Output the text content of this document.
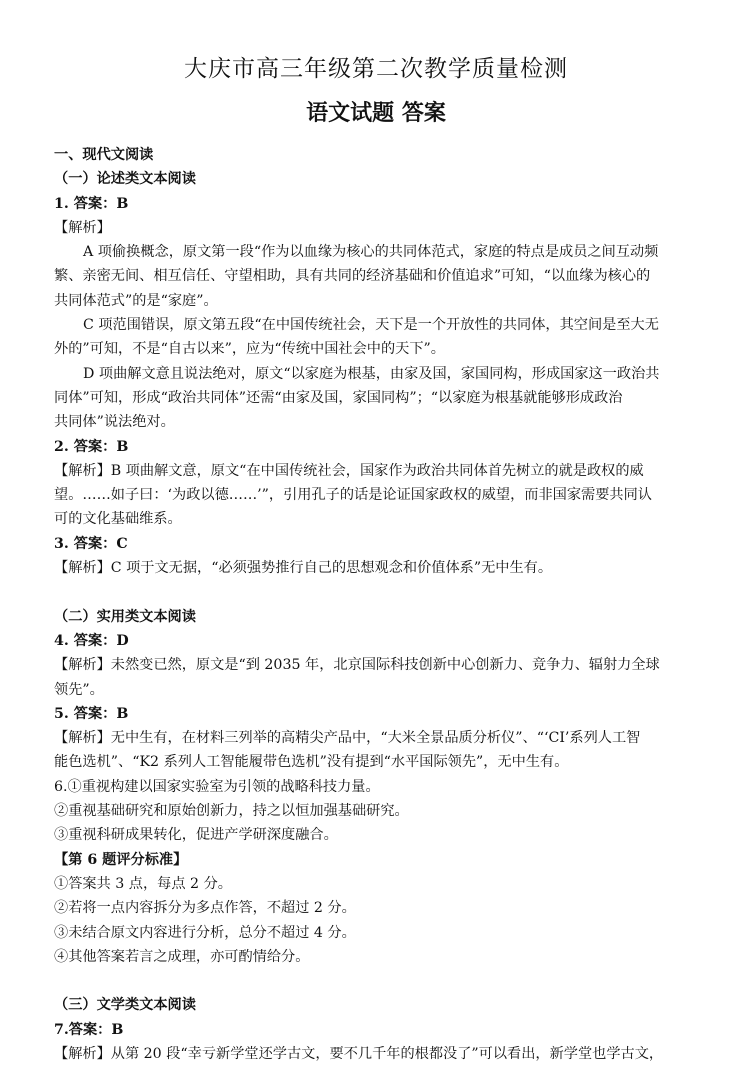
大庆市高三年级第二次教学质量检测
语文试题 答案
一、现代文阅读
（一）论述类文本阅读
1. 答案：B
【解析】
A 项偷换概念，原文第一段“作为以血缘为核心的共同体范式，家庭的特点是成员之间互动频
繁、亲密无间、相互信任、守望相助，具有共同的经济基础和价值追求”可知，“以血缘为核心的
共同体范式”的是“家庭”。
C 项范围错误，原文第五段“在中国传统社会，天下是一个开放性的共同体，其空间是至大无
外的”可知，不是“自古以来”，应为“传统中国社会中的天下”。
D 项曲解文意且说法绝对，原文“以家庭为根基，由家及国，家国同构，形成国家这一政治共
同体”可知，形成“政治共同体”还需“由家及国，家国同构”；“以家庭为根基就能够形成政治
共同体”说法绝对。
2. 答案：B
【解析】B 项曲解文意，原文“在中国传统社会，国家作为政治共同体首先树立的就是政权的威
望。……如子曰：‘为政以德……’”，引用孔子的话是论证国家政权的威望，而非国家需要共同认
可的文化基础维系。
3. 答案：C
【解析】C 项于文无据，“必须强势推行自己的思想观念和价值体系”无中生有。
（二）实用类文本阅读
4. 答案：D
【解析】未然变已然，原文是“到 2035 年，北京国际科技创新中心创新力、竞争力、辐射力全球
领先”。
5. 答案：B
【解析】无中生有，在材料三列举的高精尖产品中，“大米全景品质分析仪”、“‘CI’系列人工智
能色选机”、“K2 系列人工智能履带色选机”没有提到“水平国际领先”，无中生有。
6.①重视构建以国家实验室为引领的战略科技力量。
②重视基础研究和原始创新力，持之以恒加强基础研究。
③重视科研成果转化，促进产学研深度融合。
【第 6 题评分标准】
①答案共 3 点，每点 2 分。
②若将一点内容拆分为多点作答，不超过 2 分。
③未结合原文内容进行分析，总分不超过 4 分。
④其他答案若言之成理，亦可酌情给分。
（三）文学类文本阅读
7.答案：B
【解析】从第 20 段“幸亏新学堂还学古文，要不几千年的根都没了”可以看出，新学堂也学古文，
